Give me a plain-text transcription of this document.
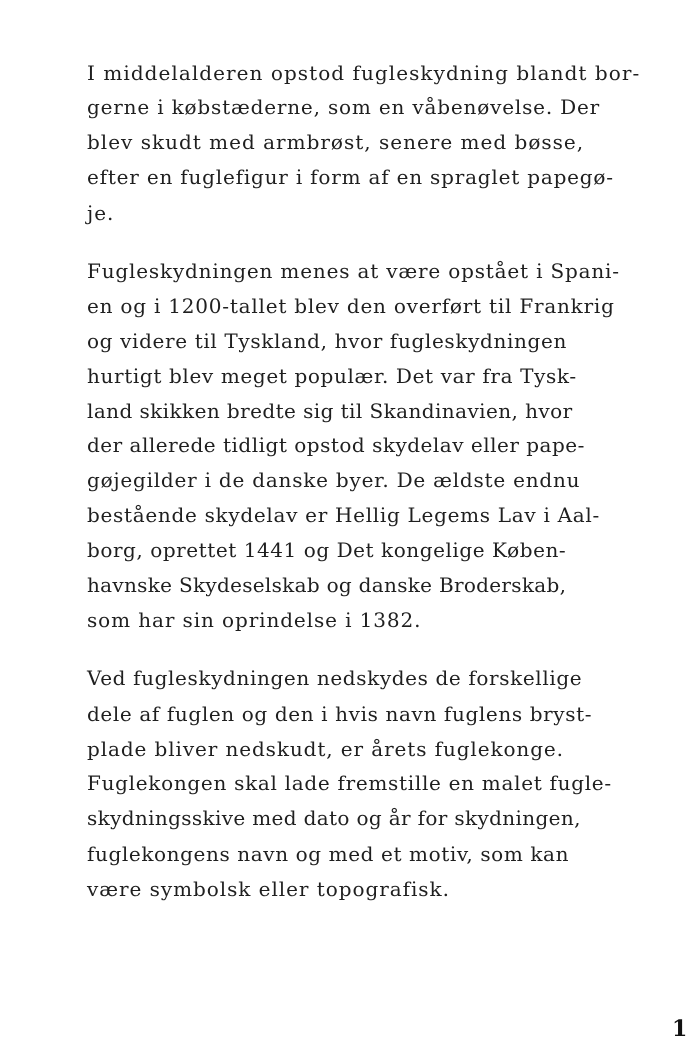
I middelalderen opstod fugleskydning blandt bor-
gerne i købstæderne, som en våbenøvelse. Der
blev skudt med armbrøst, senere med bøsse,
efter en fuglefigur i form af en spraglet papegø-
je.
Fugleskydningen menes at være opstået i Spani-
en og i 1200-tallet blev den overført til Frankrig
og videre til Tyskland, hvor fugleskydningen
hurtigt blev meget populær. Det var fra Tysk-
land skikken bredte sig til Skandinavien, hvor
der allerede tidligt opstod skydelav eller pape-
gøjegilder i de danske byer. De ældste endnu
bestående skydelav er Hellig Legems Lav i Aal-
borg, oprettet 1441 og Det kongelige Køben-
havnske Skydeselskab og danske Broderskab,
som har sin oprindelse i 1382.
Ved fugleskydningen nedskydes de forskellige
dele af fuglen og den i hvis navn fuglens bryst-
plade bliver nedskudt, er årets fuglekonge.
Fuglekongen skal lade fremstille en malet fugle-
skydningsskive med dato og år for skydningen,
fuglekongens navn og med et motiv, som kan
være symbolsk eller topografisk.
1
